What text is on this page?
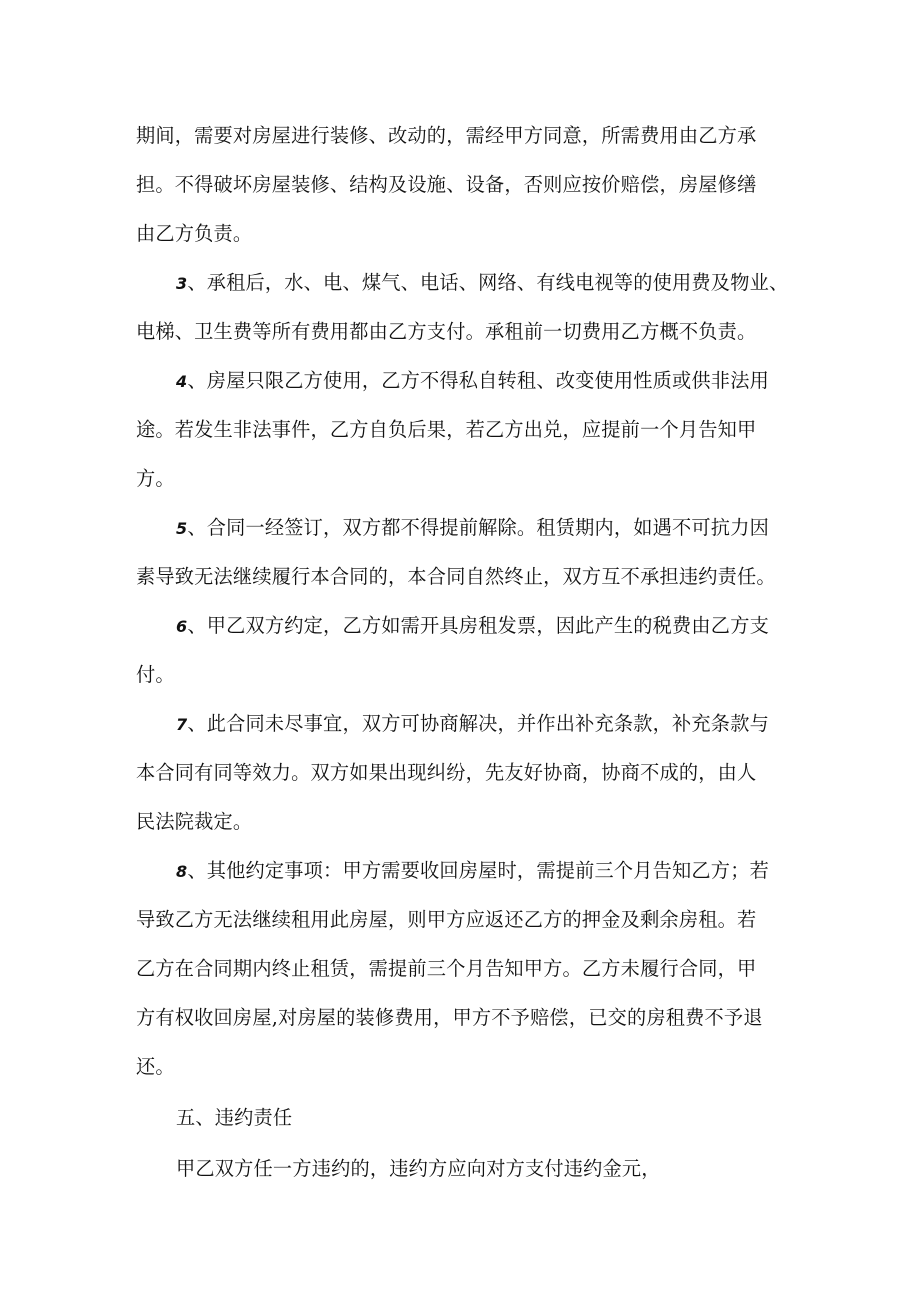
期间，需要对房屋进行装修、改动的，需经甲方同意，所需费用由乙方承
担。不得破坏房屋装修、结构及设施、设备，否则应按价赔偿，房屋修缮
由乙方负责。
3、承租后，水、电、煤气、电话、网络、有线电视等的使用费及物业、
电梯、卫生费等所有费用都由乙方支付。承租前一切费用乙方概不负责。
4、房屋只限乙方使用，乙方不得私自转租、改变使用性质或供非法用
途。若发生非法事件，乙方自负后果，若乙方出兑，应提前一个月告知甲
方。
5、合同一经签订，双方都不得提前解除。租赁期内，如遇不可抗力因
素导致无法继续履行本合同的，本合同自然终止，双方互不承担违约责任。
6、甲乙双方约定，乙方如需开具房租发票，因此产生的税费由乙方支
付。
7、此合同未尽事宜，双方可协商解决，并作出补充条款，补充条款与
本合同有同等效力。双方如果出现纠纷，先友好协商，协商不成的，由人
民法院裁定。
8、其他约定事项：甲方需要收回房屋时，需提前三个月告知乙方；若
导致乙方无法继续租用此房屋，则甲方应返还乙方的押金及剩余房租。若
乙方在合同期内终止租赁，需提前三个月告知甲方。乙方未履行合同，甲
方有权收回房屋,对房屋的装修费用，甲方不予赔偿，已交的房租费不予退
还。
五、违约责任
甲乙双方任一方违约的，违约方应向对方支付违约金元，
